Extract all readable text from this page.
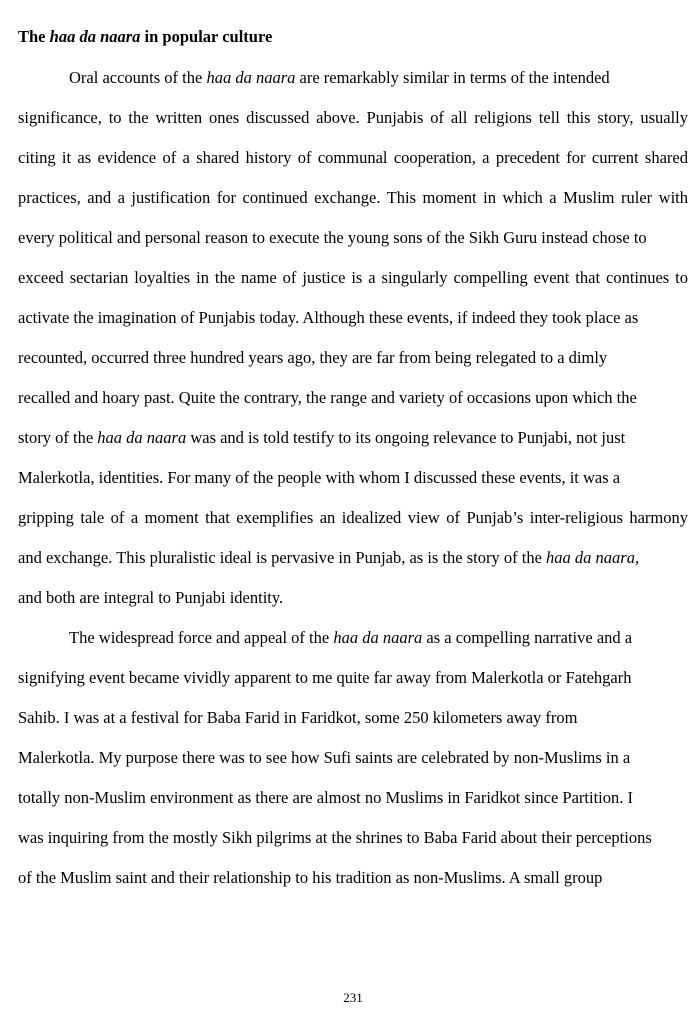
The haa da naara in popular culture
Oral accounts of the haa da naara are remarkably similar in terms of the intended
significance, to the written ones discussed above. Punjabis of all religions tell this story, usually
citing it as evidence of a shared history of communal cooperation, a precedent for current shared
practices, and a justification for continued exchange. This moment in which a Muslim ruler with
every political and personal reason to execute the young sons of the Sikh Guru instead chose to
exceed sectarian loyalties in the name of justice is a singularly compelling event that continues to
activate the imagination of Punjabis today. Although these events, if indeed they took place as
recounted, occurred three hundred years ago, they are far from being relegated to a dimly
recalled and hoary past. Quite the contrary, the range and variety of occasions upon which the
story of the haa da naara was and is told testify to its ongoing relevance to Punjabi, not just
Malerkotla, identities. For many of the people with whom I discussed these events, it was a
gripping tale of a moment that exemplifies an idealized view of Punjab’s inter-religious harmony
and exchange. This pluralistic ideal is pervasive in Punjab, as is the story of the haa da naara,
and both are integral to Punjabi identity.
The widespread force and appeal of the haa da naara as a compelling narrative and a
signifying event became vividly apparent to me quite far away from Malerkotla or Fatehgarh
Sahib. I was at a festival for Baba Farid in Faridkot, some 250 kilometers away from
Malerkotla. My purpose there was to see how Sufi saints are celebrated by non-Muslims in a
totally non-Muslim environment as there are almost no Muslims in Faridkot since Partition. I
was inquiring from the mostly Sikh pilgrims at the shrines to Baba Farid about their perceptions
of the Muslim saint and their relationship to his tradition as non-Muslims. A small group
231
